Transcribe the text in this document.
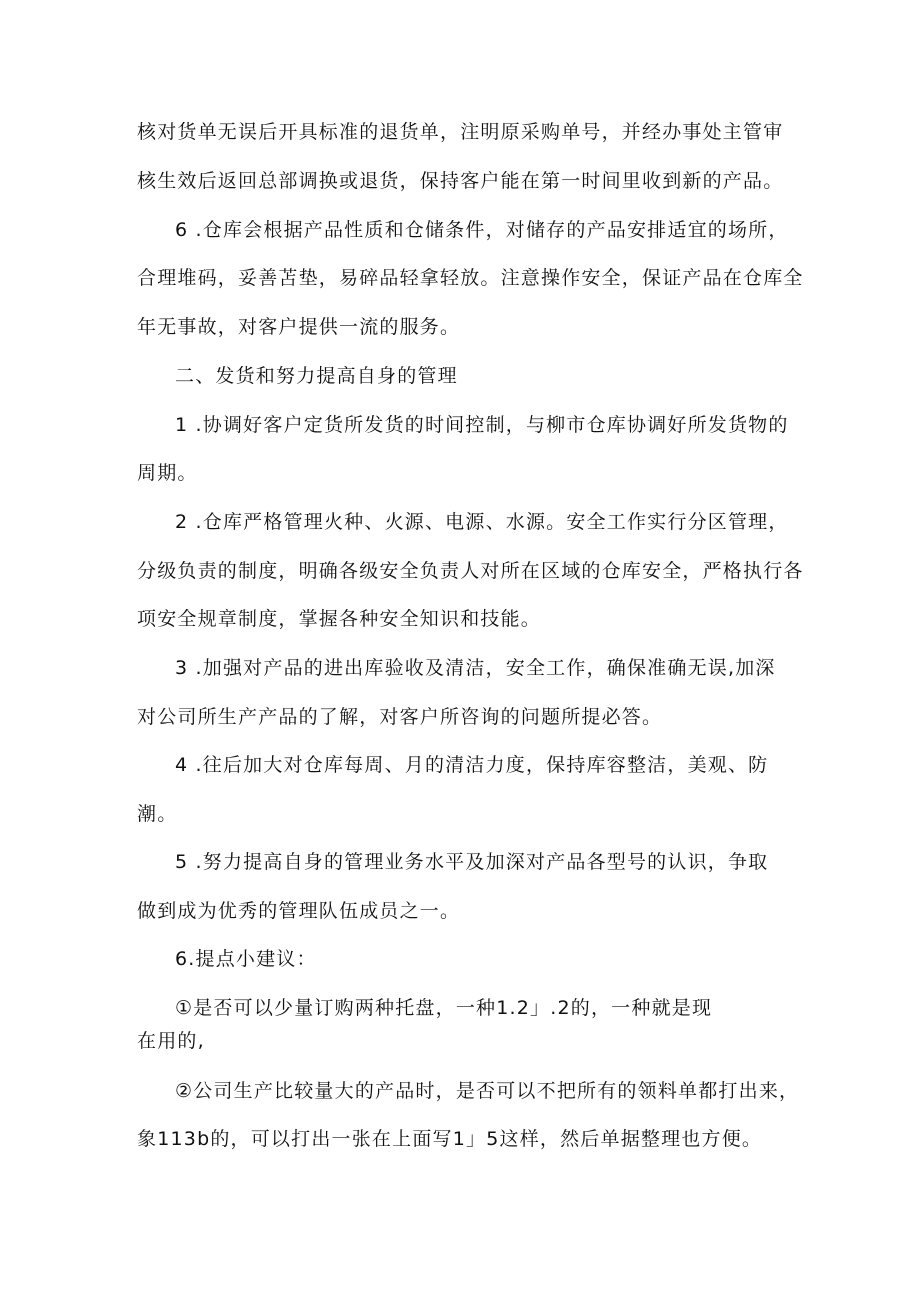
核对货单无误后开具标准的退货单，注明原采购单号，并经办事处主管审
核生效后返回总部调换或退货，保持客户能在第一时间里收到新的产品。
6 .仓库会根据产品性质和仓储条件，对储存的产品安排适宜的场所，
合理堆码，妥善苫垫，易碎品轻拿轻放。注意操作安全，保证产品在仓库全
年无事故，对客户提供一流的服务。
二、发货和努力提高自身的管理
1 .协调好客户定货所发货的时间控制，与柳市仓库协调好所发货物的
周期。
2 .仓库严格管理火种、火源、电源、水源。安全工作实行分区管理，
分级负责的制度，明确各级安全负责人对所在区域的仓库安全，严格执行各
项安全规章制度，掌握各种安全知识和技能。
3 .加强对产品的进出库验收及清洁，安全工作，确保准确无误,加深
对公司所生产产品的了解，对客户所咨询的问题所提必答。
4 .往后加大对仓库每周、月的清洁力度，保持库容整洁，美观、防
潮。
5 .努力提高自身的管理业务水平及加深对产品各型号的认识，争取
做到成为优秀的管理队伍成员之一。
6.提点小建议：
①是否可以少量订购两种托盘，一种1.2」.2的，一种就是现
在用的,
②公司生产比较量大的产品时，是否可以不把所有的领料单都打出来，
象113b的，可以打出一张在上面写1」5这样，然后单据整理也方便。
